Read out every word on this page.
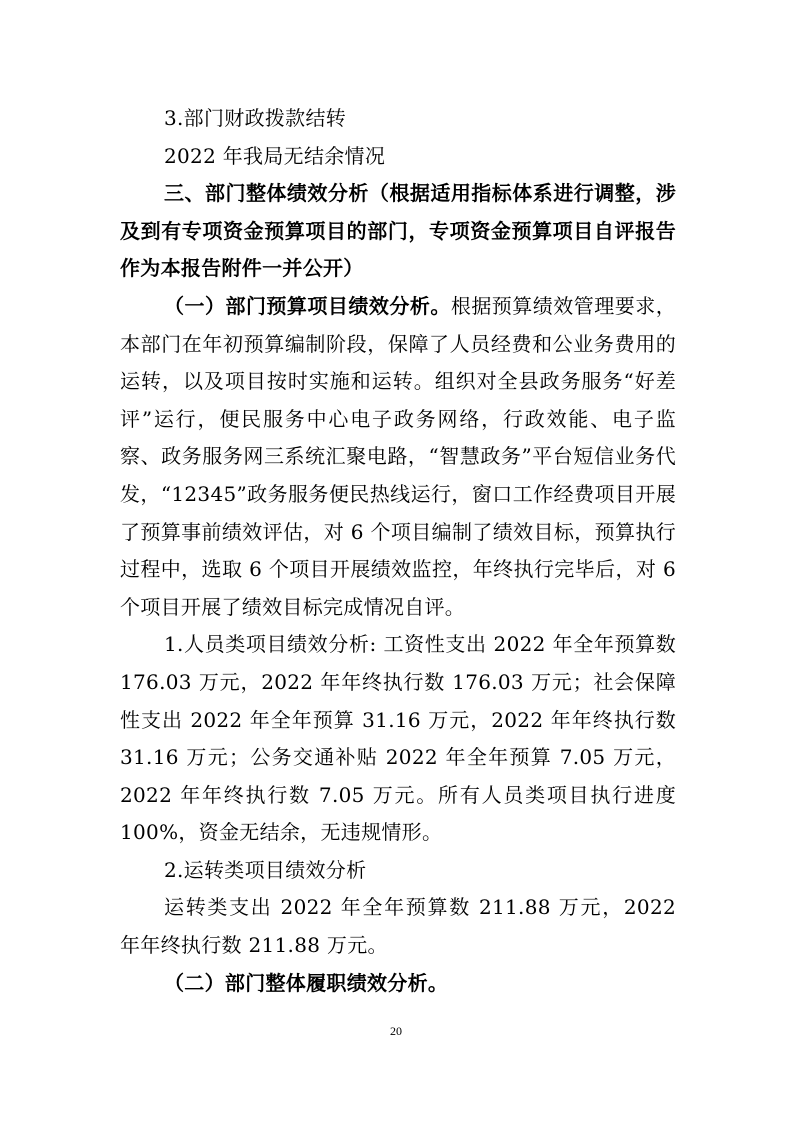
3.部门财政拨款结转

2022 年我局无结余情况

三、部门整体绩效分析（根据适用指标体系进行调整，涉及到有专项资金预算项目的部门，专项资金预算项目自评报告作为本报告附件一并公开）

（一）部门预算项目绩效分析。根据预算绩效管理要求，本部门在年初预算编制阶段，保障了人员经费和公业务费用的运转，以及项目按时实施和运转。组织对全县政务服务“好差评”运行，便民服务中心电子政务网络，行政效能、电子监察、政务服务网三系统汇聚电路，“智慧政务”平台短信业务代发，“12345”政务服务便民热线运行，窗口工作经费项目开展了预算事前绩效评估，对 6 个项目编制了绩效目标，预算执行过程中，选取 6 个项目开展绩效监控，年终执行完毕后，对 6 个项目开展了绩效目标完成情况自评。

1.人员类项目绩效分析: 工资性支出 2022 年全年预算数 176.03 万元，2022 年年终执行数 176.03 万元；社会保障性支出 2022 年全年预算 31.16 万元，2022 年年终执行数 31.16 万元；公务交通补贴 2022 年全年预算 7.05 万元，2022 年年终执行数 7.05 万元。所有人员类项目执行进度 100%，资金无结余，无违规情形。

2.运转类项目绩效分析

运转类支出 2022 年全年预算数 211.88 万元，2022 年年终执行数 211.88 万元。

（二）部门整体履职绩效分析。

20
